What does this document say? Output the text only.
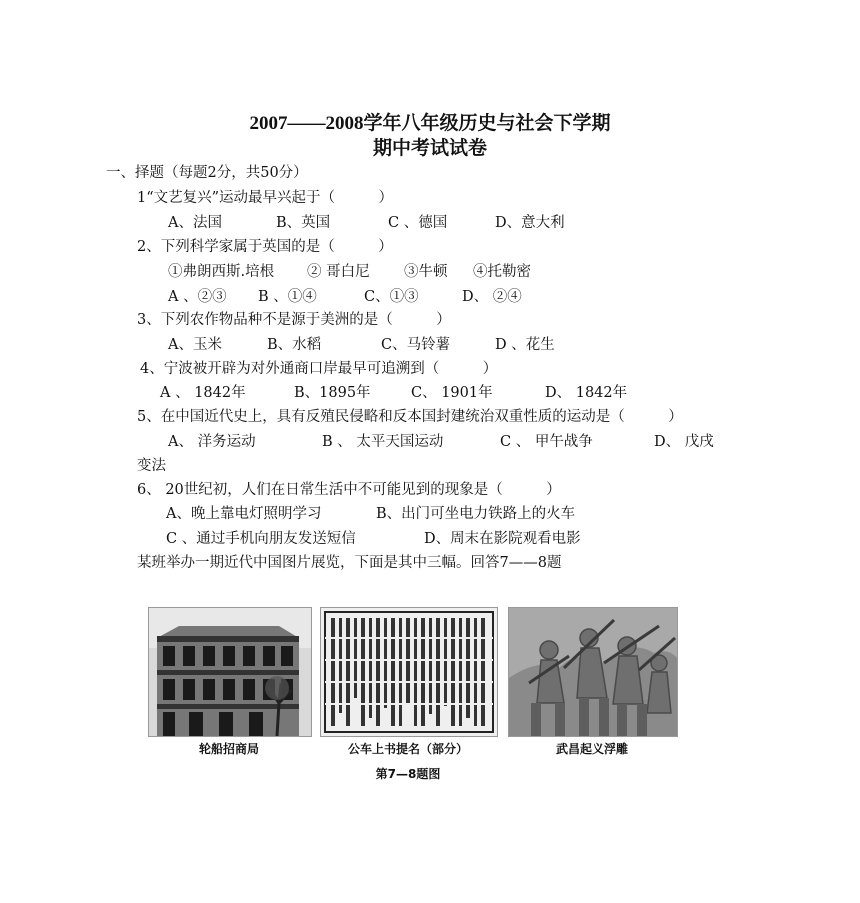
2007——2008学年八年级历史与社会下学期
期中考试试卷
一、择题（每题2分，共50分）
1“文艺复兴”运动最早兴起于（　　　）
A、法国	B、英国	C 、德国	D、意大利
2、下列科学家属于英国的是（　　　）
①弗朗西斯.培根 ② 哥白尼 ③牛顿 ④托勒密
A 、②③ B 、①④	C、①③	D、 ②④
3、下列农作物品种不是源于美洲的是（　　　）
A、玉米	B、水稻	C、马铃薯	D 、花生
4、宁波被开辟为对外通商口岸最早可追溯到（　　　）
A 、 1842年	B、1895年	C、 1901年	D、 1842年
5、在中国近代史上，具有反殖民侵略和反本国封建统治双重性质的运动是（　　　）
A、 洋务运动	B 、 太平天国运动	C 、 甲午战争	D、 戊戌
变法
6、 20世纪初，人们在日常生活中不可能见到的现象是（　　　）
A、晚上靠电灯照明学习	B、出门可坐电力铁路上的火车
C 、通过手机向朋友发送短信	D、周末在影院观看电影
某班举办一期近代中国图片展览，下面是其中三幅。回答7——8题
轮船招商局	公车上书提名（部分）	武昌起义浮雕
第7—8题图
